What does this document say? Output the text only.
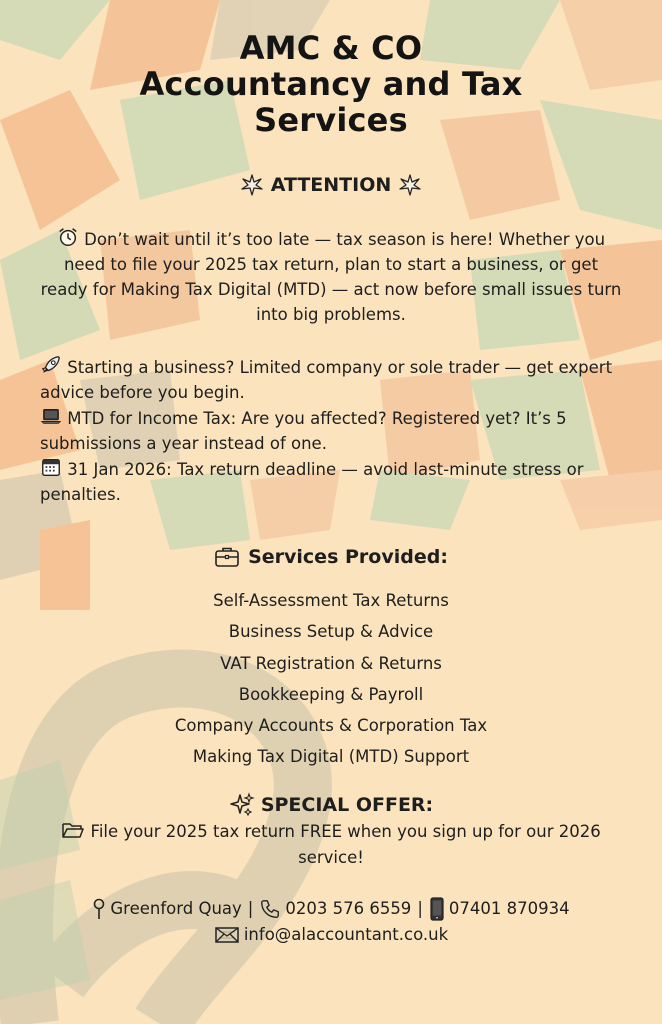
AMC & CO
Accountancy and Tax
Services
ATTENTION
Don’t wait until it’s too late — tax season is here! Whether you need to file your 2025 tax return, plan to start a business, or get ready for Making Tax Digital (MTD) — act now before small issues turn into big problems.

Starting a business? Limited company or sole trader — get expert advice before you begin.

MTD for Income Tax: Are you affected? Registered yet? It’s 5 submissions a year instead of one.

31 Jan 2026: Tax return deadline — avoid last-minute stress or penalties.

Services Provided:
Self-Assessment Tax Returns
Business Setup & Advice
VAT Registration & Returns
Bookkeeping & Payroll
Company Accounts & Corporation Tax
Making Tax Digital (MTD) Support
SPECIAL OFFER:
File your 2025 tax return FREE when you sign up for our 2026 service!
Greenford Quay | 0203 576 6559 | 07401 870934
info@alaccountant.co.uk
